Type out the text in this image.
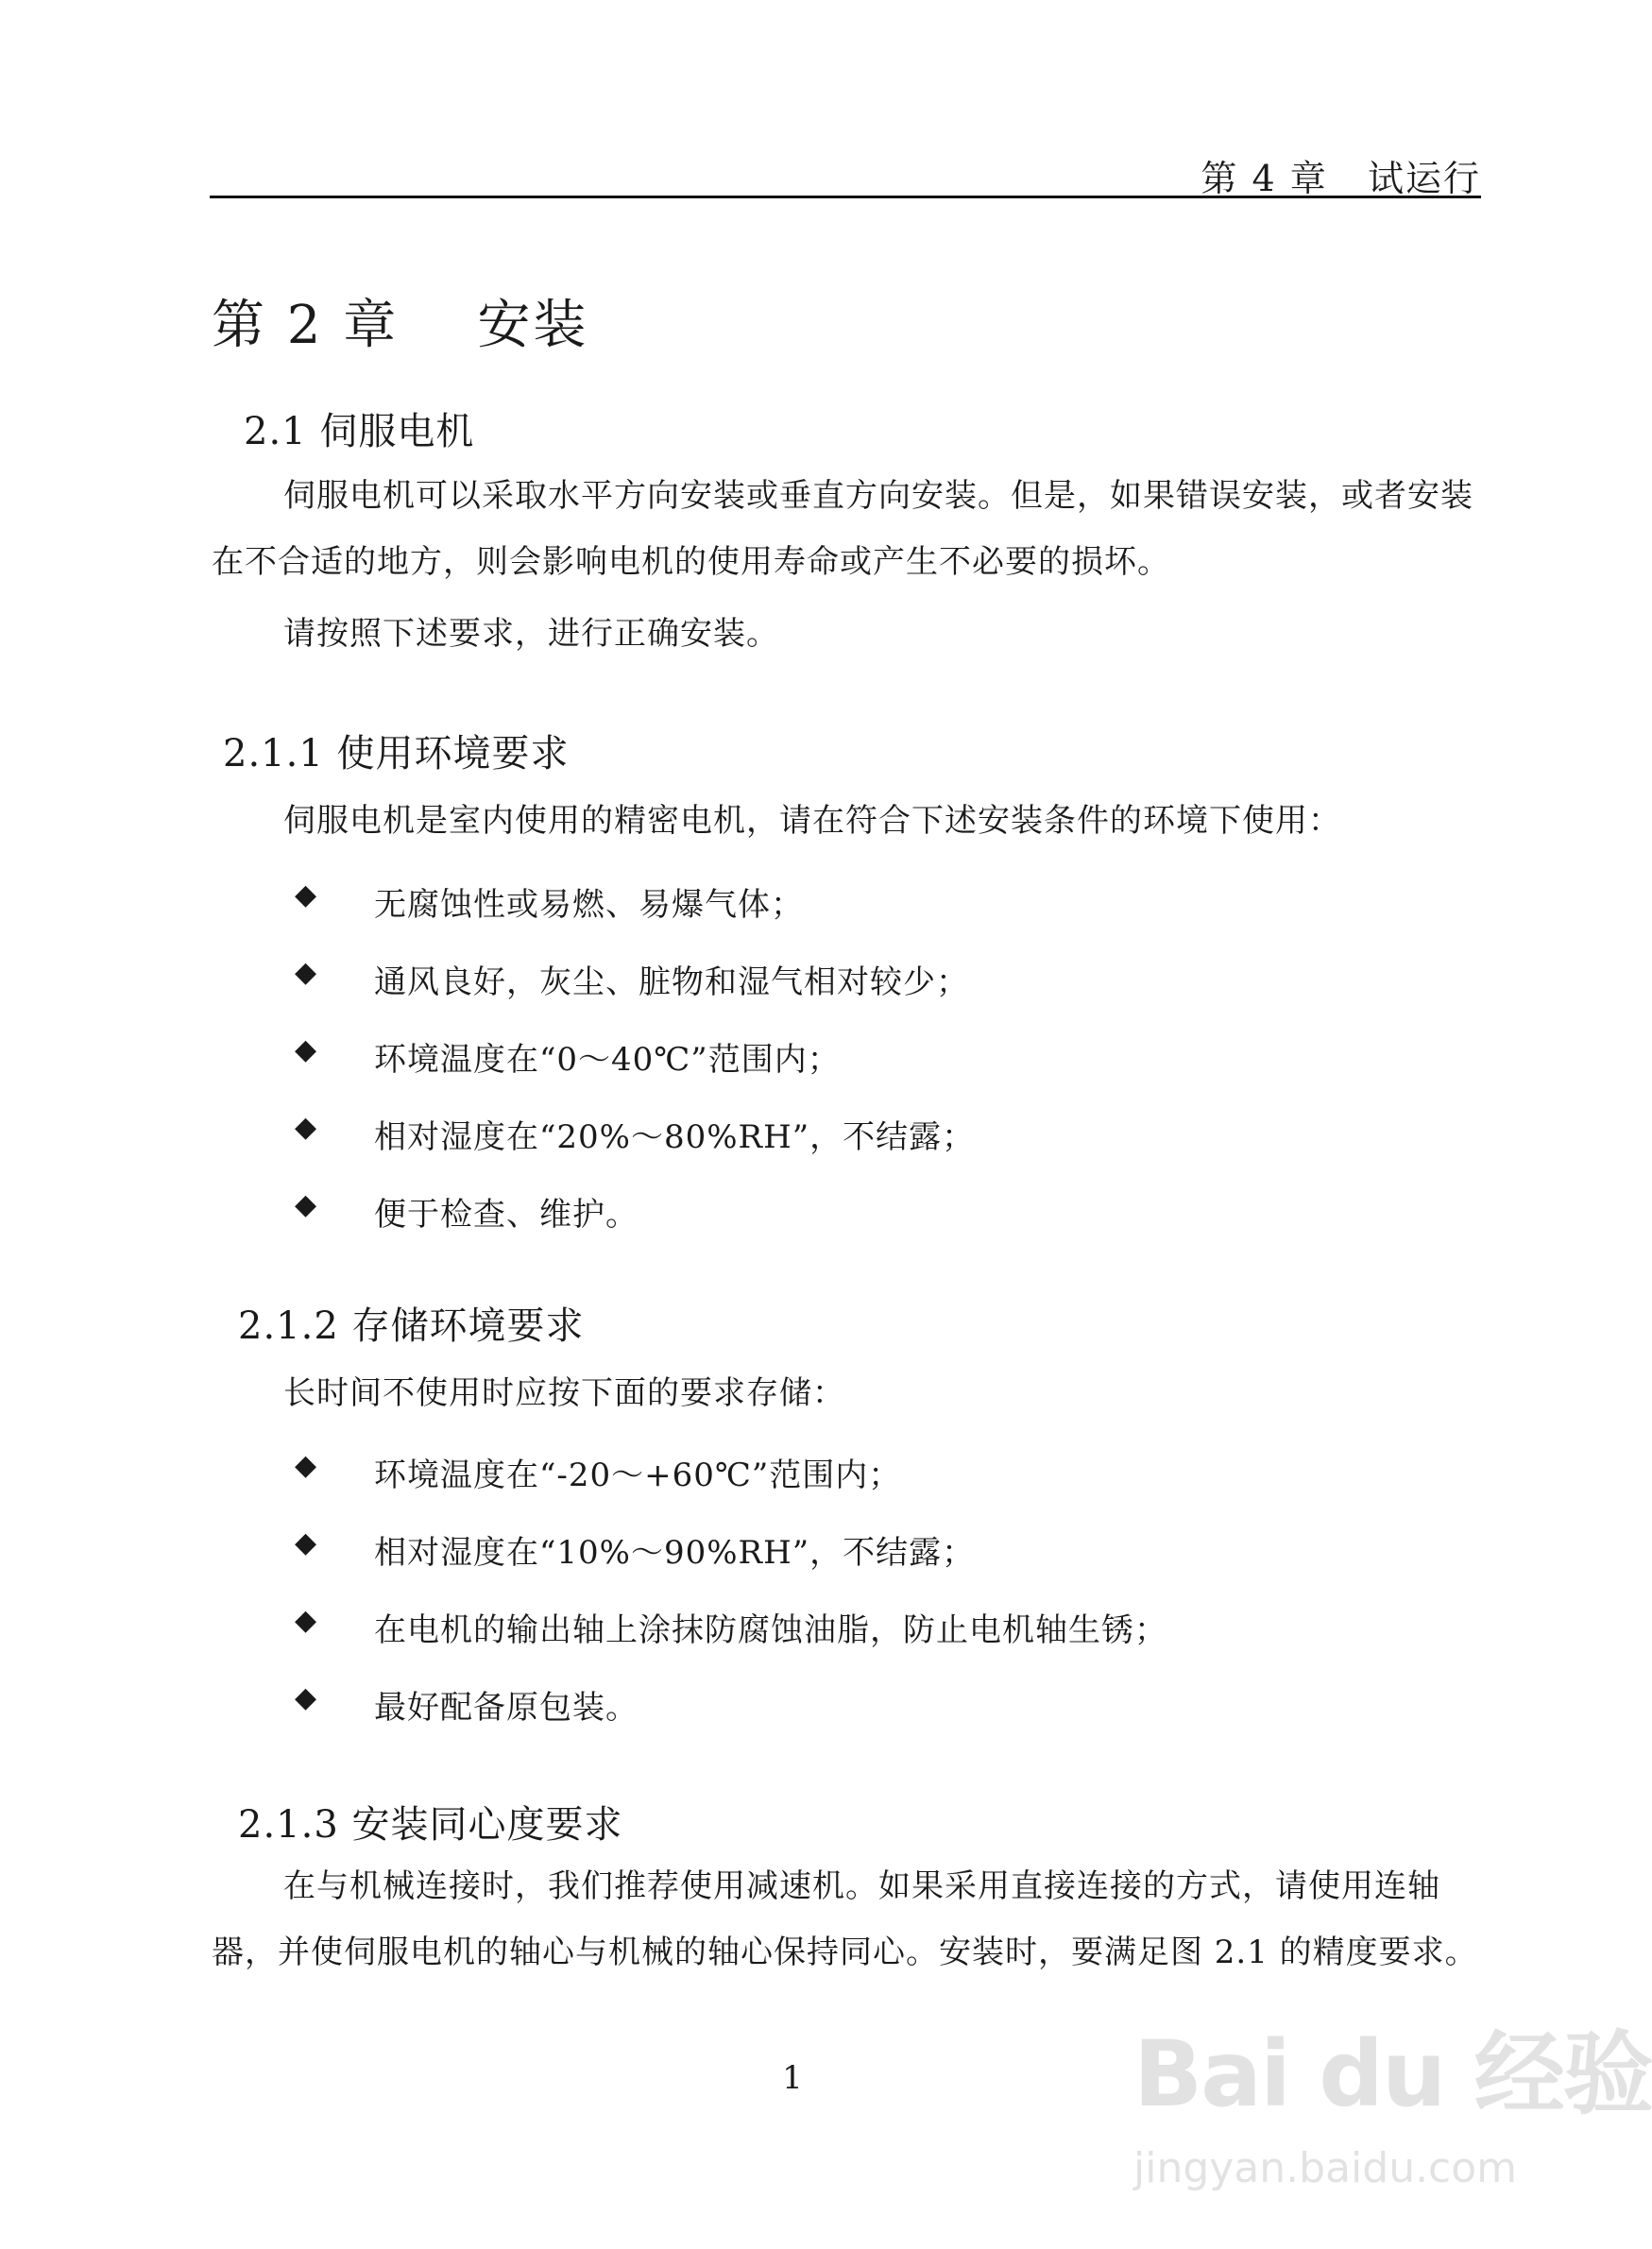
第 4 章   试运行
第 2 章    安装
2.1 伺服电机
伺服电机可以采取水平方向安装或垂直方向安装。但是，如果错误安装，或者安装在不合适的地方，则会影响电机的使用寿命或产生不必要的损坏。
请按照下述要求，进行正确安装。
2.1.1 使用环境要求
伺服电机是室内使用的精密电机，请在符合下述安装条件的环境下使用：

◆

无腐蚀性或易燃、易爆气体；

◆

通风良好，灰尘、脏物和湿气相对较少；

◆

环境温度在“0～40℃”范围内；

◆

相对湿度在“20%～80%RH”，不结露；

◆

便于检查、维护。

2.1.2 存储环境要求
长时间不使用时应按下面的要求存储：

◆

环境温度在“-20～+60℃”范围内；

◆

相对湿度在“10%～90%RH”，不结露；

◆

在电机的输出轴上涂抹防腐蚀油脂，防止电机轴生锈；

◆

最好配备原包装。

2.1.3 安装同心度要求
在与机械连接时，我们推荐使用减速机。如果采用直接连接的方式，请使用连轴器，并使伺服电机的轴心与机械的轴心保持同心。安装时，要满足图 2.1 的精度要求。
1	Bai du 经验
jingyan.baidu.com
